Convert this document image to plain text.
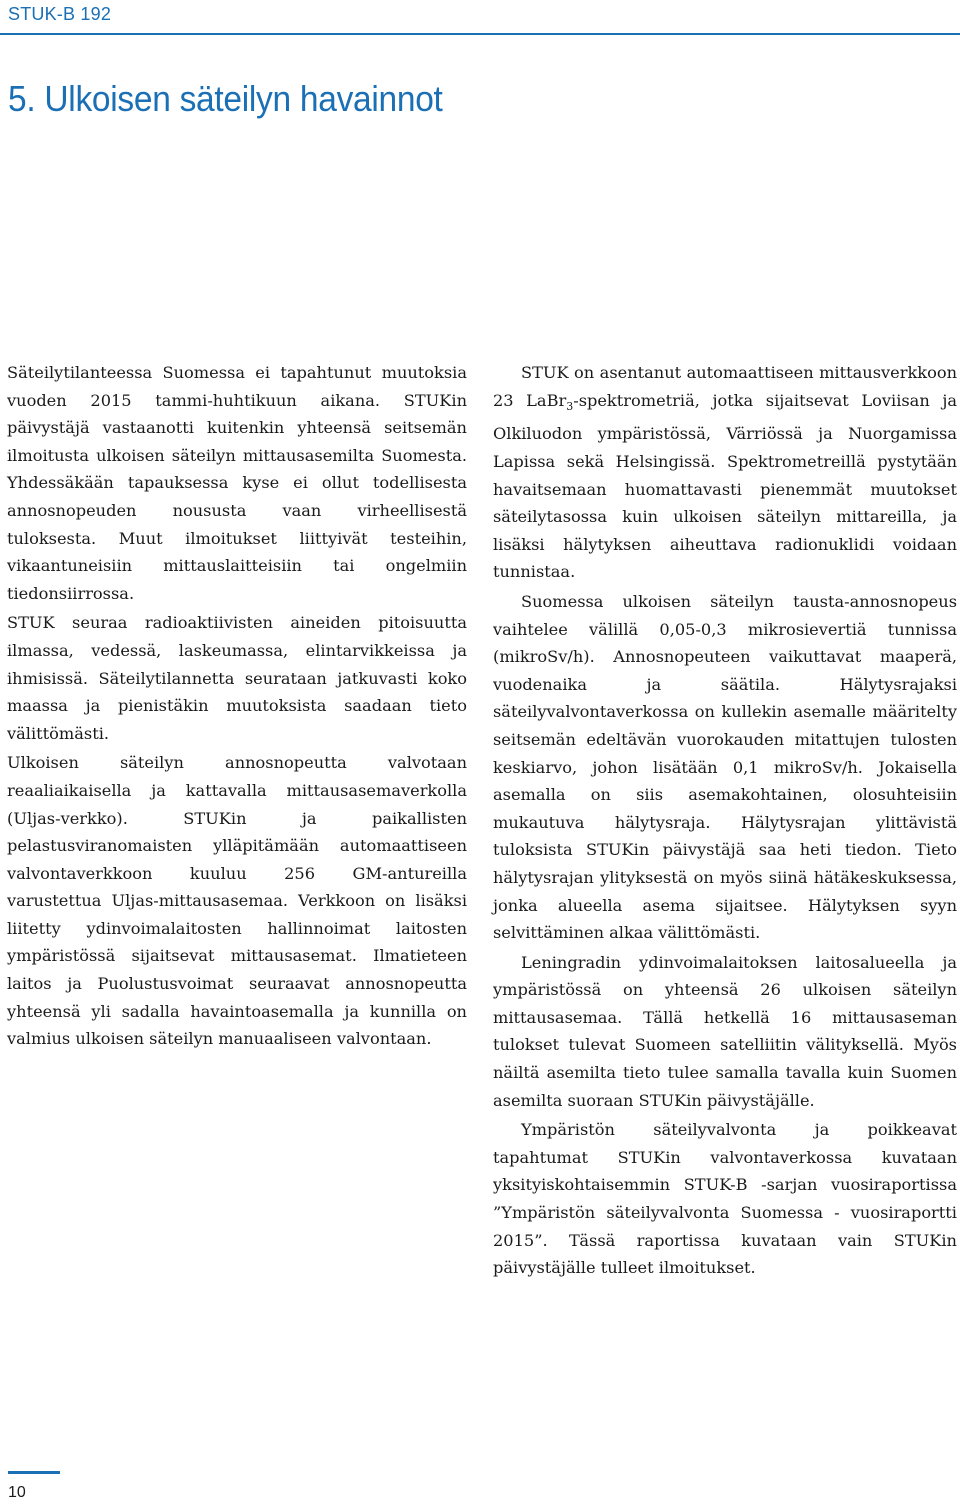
STUK-B 192
5. Ulkoisen säteilyn havainnot

Säteilytilanteessa Suomessa ei tapahtunut muutoksia vuoden 2015 tammi-huhtikuun aikana. STUKin päivystäjä vastaanotti kuitenkin yhteensä seitsemän ilmoitusta ulkoisen säteilyn mittausasemilta Suomesta. Yhdessäkään tapauksessa kyse ei ollut todellisesta annosnopeuden noususta vaan virheellisestä tuloksesta. Muut ilmoitukset liittyivät testeihin, vikaantuneisiin mittauslaitteisiin tai ongelmiin tiedonsiirrossa.

STUK seuraa radioaktiivisten aineiden pitoisuutta ilmassa, vedessä, laskeumassa, elintarvikkeissa ja ihmisissä. Säteilytilannetta seurataan jatkuvasti koko maassa ja pienistäkin muutoksista saadaan tieto välittömästi.

Ulkoisen säteilyn annosnopeutta valvotaan reaaliaikaisella ja kattavalla mittausasemaverkolla (Uljas-verkko). STUKin ja paikallisten pelastusviranomaisten ylläpitämään automaattiseen valvontaverkkoon kuuluu 256 GM-antureilla varustettua Uljas-mittausasemaa. Verkkoon on lisäksi liitetty ydinvoimalaitosten hallinnoimat laitosten ympäristössä sijaitsevat mittausasemat. Ilmatieteen laitos ja Puolustusvoimat seuraavat annosnopeutta yhteensä yli sadalla havaintoasemalla ja kunnilla on valmius ulkoisen säteilyn manuaaliseen valvontaan.

STUK on asentanut automaattiseen mittausverkkoon 23 LaBr$_3$-spektrometriä, jotka sijaitsevat Loviisan ja Olkiluodon ympäristössä, Värriössä ja Nuorgamissa Lapissa sekä Helsingissä. Spektrometreillä pystytään havaitsemaan huomattavasti pienemmät muutokset säteilytasossa kuin ulkoisen säteilyn mittareilla, ja lisäksi hälytyksen aiheuttava radionuklidi voidaan tunnistaa.

Suomessa ulkoisen säteilyn tausta-annosnopeus vaihtelee välillä 0,05-0,3 mikrosievertiä tunnissa (mikroSv/h). Annosnopeuteen vaikuttavat maaperä, vuodenaika ja säätila. Hälytysrajaksi säteilyvalvontaverkossa on kullekin asemalle määritelty seitsemän edeltävän vuorokauden mitattujen tulosten keskiarvo, johon lisätään 0,1 mikroSv/h. Jokaisella asemalla on siis asemakohtainen, olosuhteisiin mukautuva hälytysraja. Hälytysrajan ylittävistä tuloksista STUKin päivystäjä saa heti tiedon. Tieto hälytysrajan ylityksestä on myös siinä hätäkeskuksessa, jonka alueella asema sijaitsee. Hälytyksen syyn selvittäminen alkaa välittömästi.

Leningradin ydinvoimalaitoksen laitosalueella ja ympäristössä on yhteensä 26 ulkoisen säteilyn mittausasemaa. Tällä hetkellä 16 mittausaseman tulokset tulevat Suomeen satelliitin välityksellä. Myös näiltä asemilta tieto tulee samalla tavalla kuin Suomen asemilta suoraan STUKin päivystäjälle.

Ympäristön säteilyvalvonta ja poikkeavat tapahtumat STUKin valvontaverkossa kuvataan yksityiskohtaisemmin STUK-B -sarjan vuosiraportissa ”Ympäristön säteilyvalvonta Suomessa - vuosiraportti 2015”. Tässä raportissa kuvataan vain STUKin päivystäjälle tulleet ilmoitukset.

10
